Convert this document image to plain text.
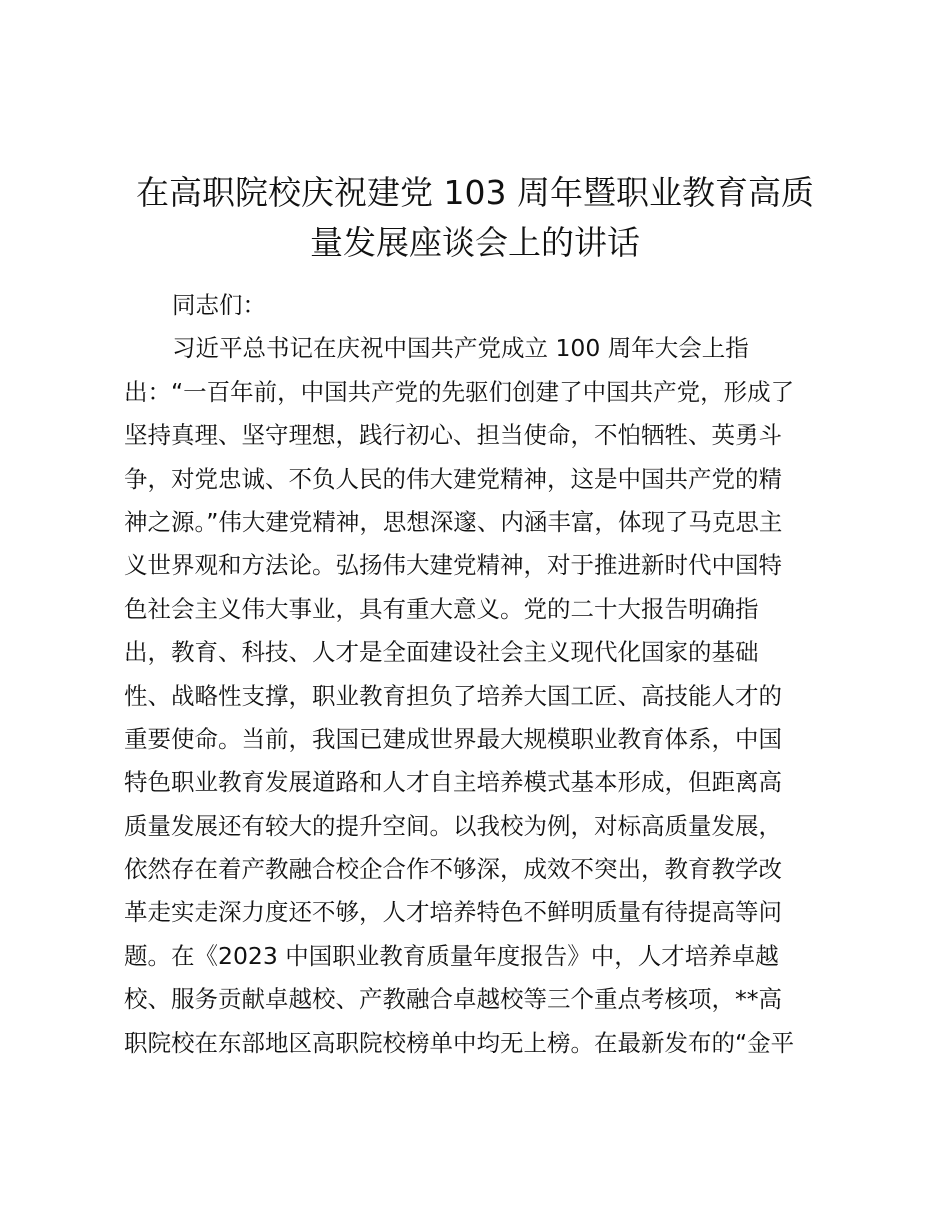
在高职院校庆祝建党 103 周年暨职业教育高质
量发展座谈会上的讲话
同志们：
习近平总书记在庆祝中国共产党成立 100 周年大会上指
出：“一百年前，中国共产党的先驱们创建了中国共产党，形成了
坚持真理、坚守理想，践行初心、担当使命，不怕牺牲、英勇斗
争，对党忠诚、不负人民的伟大建党精神，这是中国共产党的精
神之源。”伟大建党精神，思想深邃、内涵丰富，体现了马克思主
义世界观和方法论。弘扬伟大建党精神，对于推进新时代中国特
色社会主义伟大事业，具有重大意义。党的二十大报告明确指
出，教育、科技、人才是全面建设社会主义现代化国家的基础
性、战略性支撑，职业教育担负了培养大国工匠、高技能人才的
重要使命。当前，我国已建成世界最大规模职业教育体系，中国
特色职业教育发展道路和人才自主培养模式基本形成，但距离高
质量发展还有较大的提升空间。以我校为例，对标高质量发展，
依然存在着产教融合校企合作不够深，成效不突出，教育教学改
革走实走深力度还不够，人才培养特色不鲜明质量有待提高等问
题。在《2023 中国职业教育质量年度报告》中，人才培养卓越
校、服务贡献卓越校、产教融合卓越校等三个重点考核项，**高
职院校在东部地区高职院校榜单中均无上榜。在最新发布的“金平
